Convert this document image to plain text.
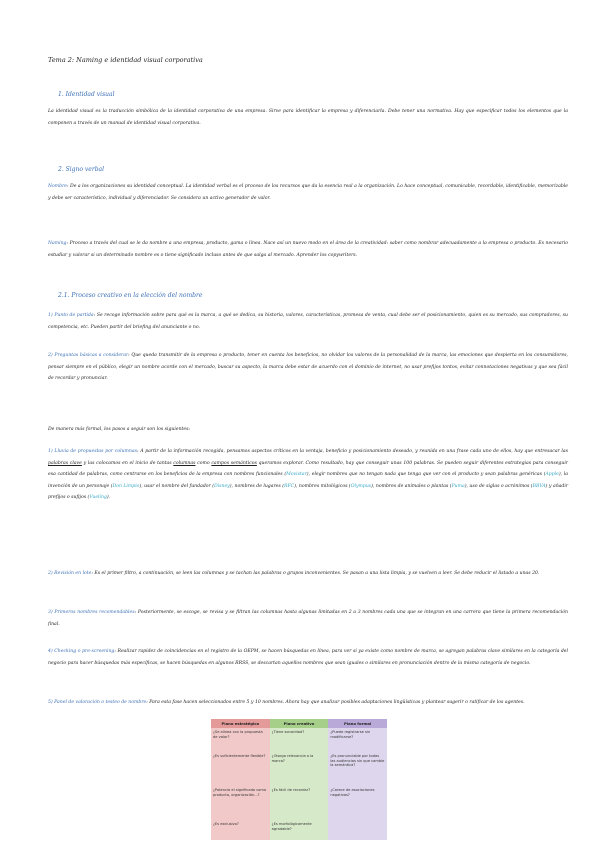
Tema 2: Naming e identidad visual corporativa
1. Identidad visual
La identidad visual es la traducción simbólica de la identidad corporativa de una empresa. Sirve para identificar la empresa y diferenciarla. Debe tener una normativa. Hay que especificar todos los elementos que la componen a través de un manual de identidad visual corporativa.
2. Signo verbal
Nombre: De a los organizaciones su identidad conceptual. La identidad verbal es el proceso de los recursos que da la esencia real a la organización. Lo hace conceptual, comunicable, recordable, identificable, memorizable y debe ser característico, individual y diferenciador. Se considera un activo generador de valor.
Naming: Proceso a través del cual se le da nombre a una empresa, producto, gama o línea. Nace así un nuevo modo en el área de la creatividad: saber como nombrar adecuadamente a la empresa o producto. Es necesario estudiar y valorar si un determinado nombre es o tiene significado incluso antes de que salga al mercado. Aprender los copywriters.
2.1. Proceso creativo en la elección del nombre
1) Punto de partida: Se recoge información sobre para qué es la marca, a qué se dedica, su historia, valores, características, promesa de venta, cual debe ser el posicionamiento, quien es su mercado, sus compradores, su competencia, etc. Pueden partir del briefing del anunciante o no.
2) Preguntas básicas a considerar: Que queda transmitir de la empresa o producto, tener en cuenta los beneficios, no olvidar los valores de la personalidad de la marca, las emociones que despierta en los consumidores, pensar siempre en el público, elegir un nombre acorde con el mercado, buscar su aspecto, la marca debe estar de acuerdo con el dominio de internet, no usar prefijos tontos, evitar connotaciones negativas y que sea fácil de recordar y pronunciar.
De manera más formal, los pasos a seguir son los siguientes:
1) Lluvia de propuestas por columnas: A partir de la información recogida, pensamos aspectos críticos en la ventaja, beneficio y posicionamiento deseado, y reunida en una frase cada uno de ellos, hay que entresacar las palabras clave y las colocamos en el inicio de tantas columnas como campos semánticos queramos explorar. Como resultado, hay que conseguir unas 100 palabras. Se pueden seguir diferentes estrategias para conseguir esa cantidad de palabras, como centrarse en los beneficios de la empresa con nombres funcionales (Movistar), elegir nombres que no tengan nada que tenga que ver con el producto y sean palabras genéricas (Apple), la invención de un personaje (Don Limpio), usar el nombre del fundador (Disney), nombres de lugares (RFC), nombres mitológicos (Olympus), nombres de animales o plantas (Puma), uso de siglas o acrónimos (BBVA) y añadir prefijos o sufijos (Vueling).
2) Revisión en lote: Es el primer filtro, a continuación, se leen las columnas y se tachan las palabras o grupos inconvenientes. Se pasan a una lista limpia, y se vuelven a leer. Se debe reducir el listado a unas 20.
3) Primeros nombres recomendables: Posteriormente, se escoge, se revisa y se filtran las columnas hasta algunas limitadas en 2 a 3 nombres cada una que se integran en una carrera que tiene la primera recomendación final.
4) Checking o pre-screening: Realizar rapidez de coincidencias en el registro de la OEPM, se hacen búsquedas en línea, para ver si ya existe como nombre de marca, se agregan palabras clave similares en la categoría del negocio para hacer búsquedas más específicas, se hacen búsquedas en algunos RRSS, se descartan aquellos nombres que sean iguales o similares en pronunciación dentro de la misma categoría de negocio.
5) Panel de valoración o testeo de nombre: Para esta fase hacen seleccionados entre 5 y 10 nombres. Ahora hay que analizar posibles adaptaciones lingüísticas y plantear sugerir o ratificar de los agentes.
Plano estratégico	Plano creativo	Plano formal
¿Se alinea con la propuesta de valor?	¿Tiene sonoridad?	¿Puede registrarse sin modificarse?
¿Es suficientemente flexible?	¿Otorga relevancia a la marca?	¿Es pronunciable por todas las audiencias sin que cambie la semántica?
¿Potencia el significado como producto, organización...?	¿Es fácil de recordar?	¿Carece de asociaciones negativas?
¿Es exclusivo?	¿Es morfológicamente agradable?	
